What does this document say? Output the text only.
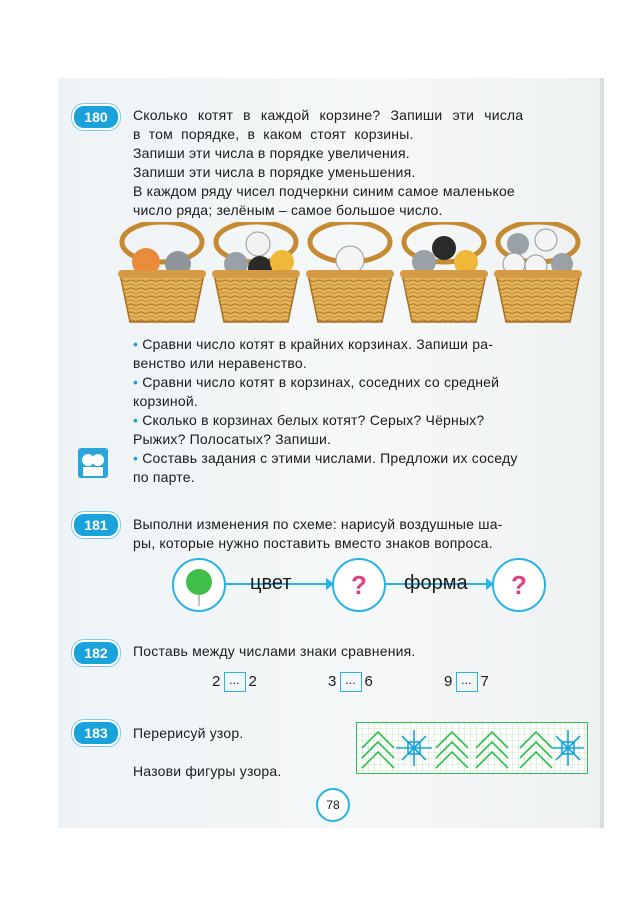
180	Сколько котят в каждой корзине? Запиши эти числа
в том порядке, в каком стоят корзины.
Запиши эти числа в порядке увеличения.
Запиши эти числа в порядке уменьшения.
В каждом ряду чисел подчеркни синим самое маленькое
число ряда; зелёным – самое большое число.
• Сравни число котят в крайних корзинах. Запиши ра-
венство или неравенство.
• Сравни число котят в корзинах, соседних со средней
корзиной.
• Сколько в корзинах белых котят? Серых? Чёрных?
Рыжих? Полосатых? Запиши.
• Составь задания с этими числами. Предложи их соседу
по парте.
181	Выполни изменения по схеме: нарисуй воздушные ша-
ры, которые нужно поставить вместо знаков вопроса.
цвет	?	форма	?
182	Поставь между числами знаки сравнения.
2 ... 2	3 ... 6	9 ... 7
183	Перерисуй узор.
Назови фигуры узора.
78
